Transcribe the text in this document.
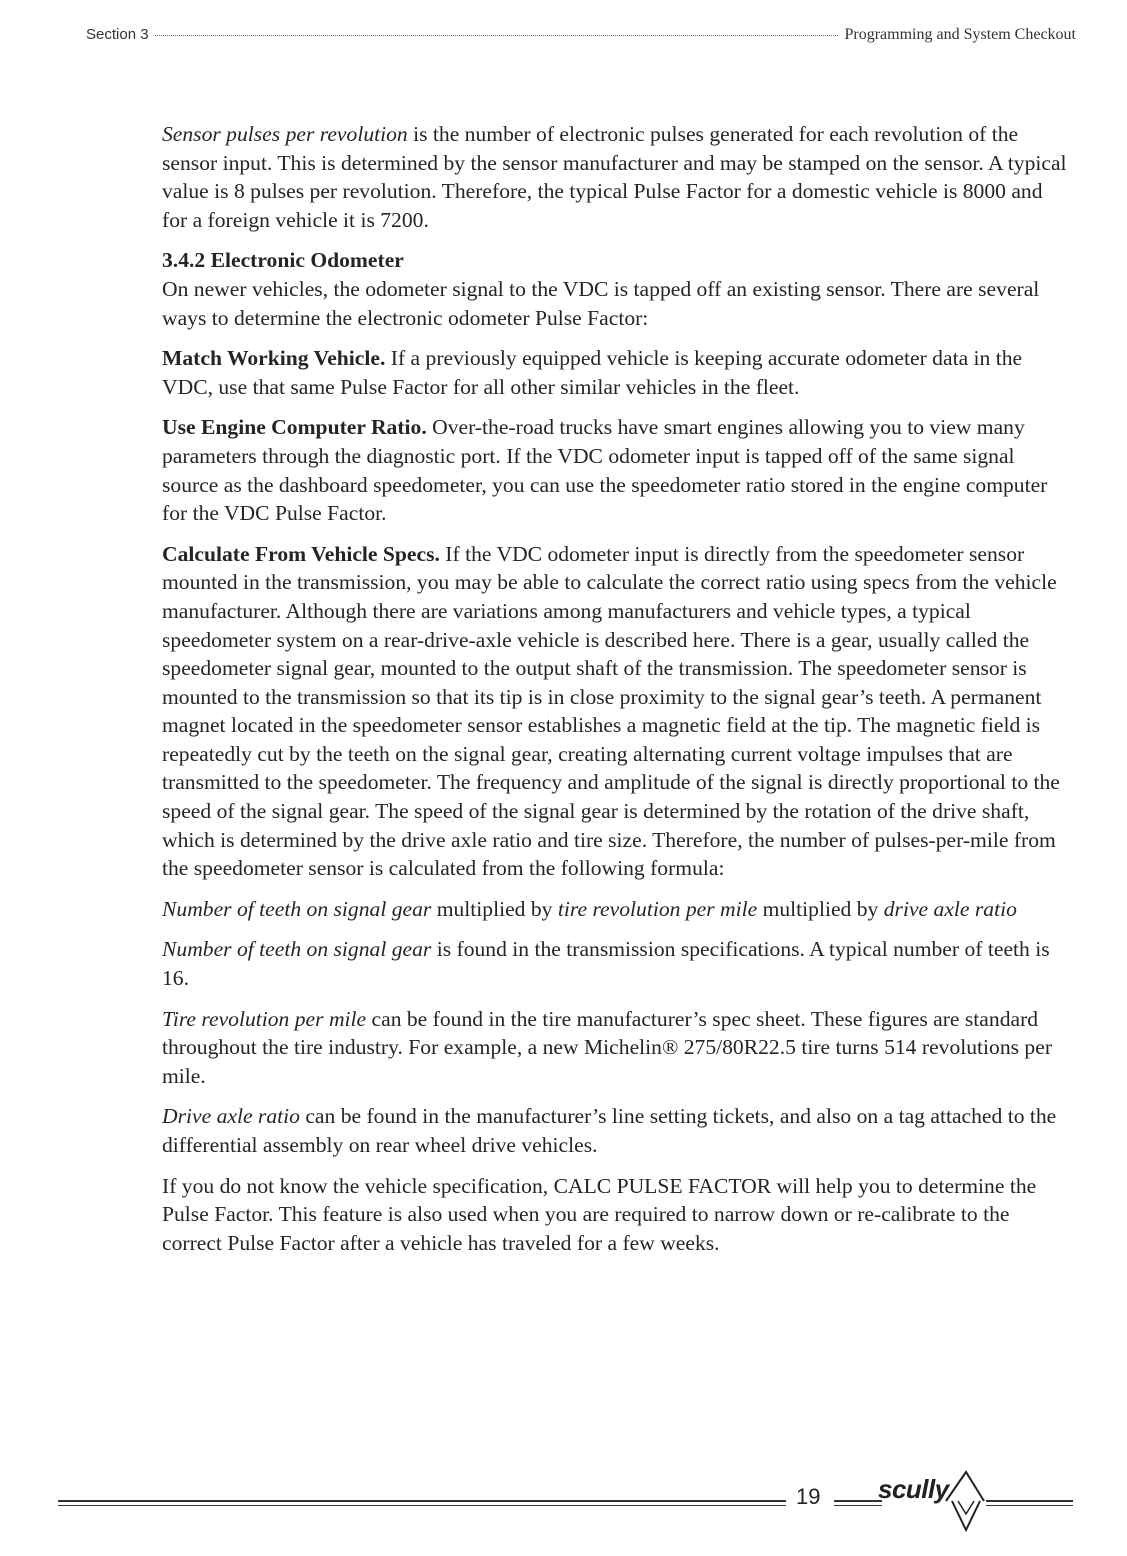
Section 3	Programming and System Checkout

Sensor pulses per revolution is the number of electronic pulses generated for each revolution of the sensor input. This is determined by the sensor manufacturer and may be stamped on the sensor. A typical value is 8 pulses per revolution. Therefore, the typical Pulse Factor for a domestic vehicle is 8000 and for a foreign vehicle it is 7200.

3.4.2 Electronic Odometer

On newer vehicles, the odometer signal to the VDC is tapped off an existing sensor. There are several ways to determine the electronic odometer Pulse Factor:

Match Working Vehicle. If a previously equipped vehicle is keeping accurate odometer data in the VDC, use that same Pulse Factor for all other similar vehicles in the fleet.

Use Engine Computer Ratio. Over-the-road trucks have smart engines allowing you to view many parameters through the diagnostic port. If the VDC odometer input is tapped off of the same signal source as the dashboard speedometer, you can use the speedometer ratio stored in the engine computer for the VDC Pulse Factor.

Calculate From Vehicle Specs. If the VDC odometer input is directly from the speedometer sensor mounted in the transmission, you may be able to calculate the correct ratio using specs from the vehicle manufacturer. Although there are variations among manufacturers and vehicle types, a typical speedometer system on a rear-drive-axle vehicle is described here. There is a gear, usually called the speedometer signal gear, mounted to the output shaft of the transmission. The speedometer sensor is mounted to the transmission so that its tip is in close proximity to the signal gear’s teeth. A permanent magnet located in the speedometer sensor establishes a magnetic field at the tip. The magnetic field is repeatedly cut by the teeth on the signal gear, creating alternating current voltage impulses that are transmitted to the speedometer. The frequency and amplitude of the signal is directly proportional to the speed of the signal gear. The speed of the signal gear is determined by the rotation of the drive shaft, which is determined by the drive axle ratio and tire size. Therefore, the number of pulses-per-mile from the speedometer sensor is calculated from the following formula:

Number of teeth on signal gear multiplied by tire revolution per mile multiplied by drive axle ratio

Number of teeth on signal gear is found in the transmission specifications. A typical number of teeth is 16.

Tire revolution per mile can be found in the tire manufacturer’s spec sheet. These figures are standard throughout the tire industry. For example, a new Michelin® 275/80R22.5 tire turns 514 revolutions per mile.

Drive axle ratio can be found in the manufacturer’s line setting tickets, and also on a tag attached to the differential assembly on rear wheel drive vehicles.

If you do not know the vehicle specification, CALC PULSE FACTOR will help you to determine the Pulse Factor. This feature is also used when you are required to narrow down or re-calibrate to the correct Pulse Factor after a vehicle has traveled for a few weeks.

19 scully
